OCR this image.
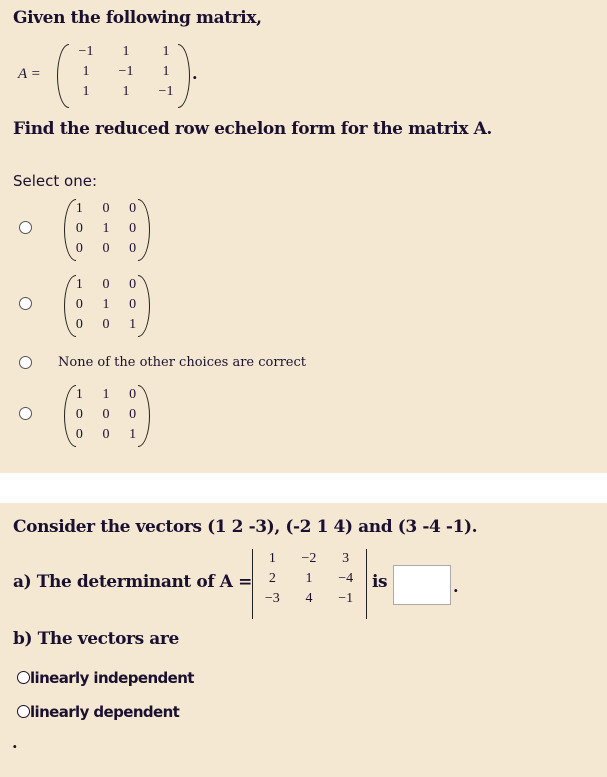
Given the following matrix,
A =
−1	1	1
1	−1	1
1	1	−1
.
Find the reduced row echelon form for the matrix A.
Select one:
1	0	0
0	1	0
0	0	0
1	0	0
0	1	0
0	0	1
None of the other choices are correct
1	1	0
0	0	0
0	0	1
Consider the vectors (1 2 -3), (-2 1 4) and (3 -4 -1).
a) The determinant of A =
1	−2	3
2	1	−4
−3	4	−1
is	.
b) The vectors are
linearly independent
linearly dependent
.
